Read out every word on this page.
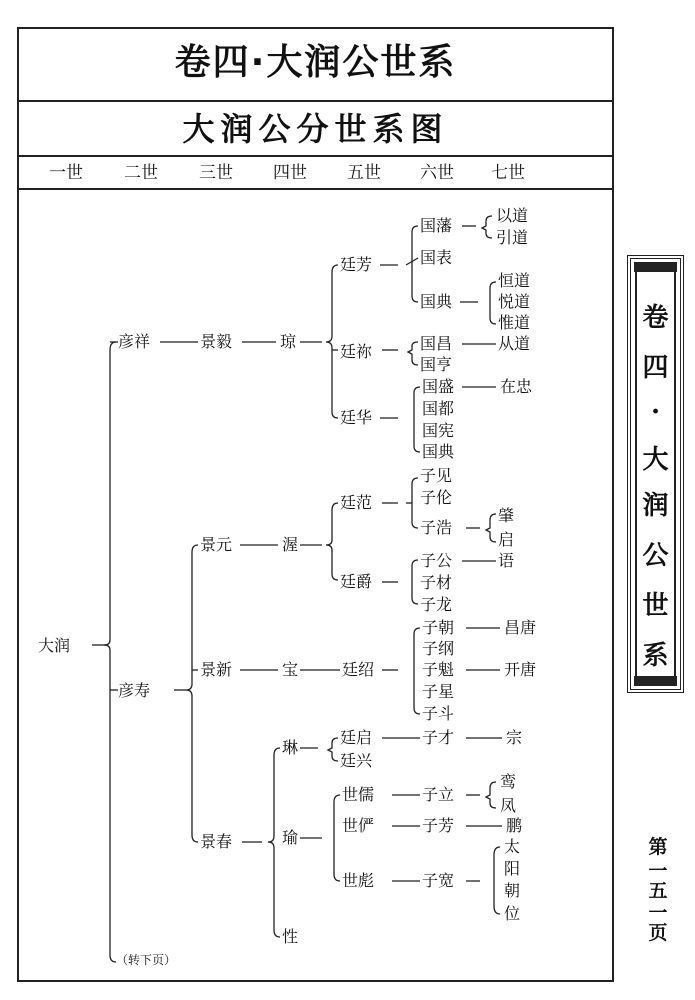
卷四·大润公世系
大润公分世系图
一世	二世	三世	四世	五世	六世	七世
大润
彦祥
彦寿
景毅
景元
景新
景春
琼
渥
宝
琳
瑜
性
廷芳
廷祢
廷华
廷范
廷爵
廷绍
廷启
廷兴
世儒
世俨
世彪
国藩
国表
国典
国昌
国亨
国盛
国都
国宪
国典
子见
子伦
子浩
子公
子材
子龙
子朝
子纲
子魁
子星
子斗
子才
子立
子芳
子宽
以道
引道
恒道
悦道
惟道
从道
在忠
肇
启
语
昌唐
开唐
宗
鸾
凤
鹏
太
阳
朝
位
（转下页）
卷
四
·
大
润
公
世
系
第
一
五
一
页
